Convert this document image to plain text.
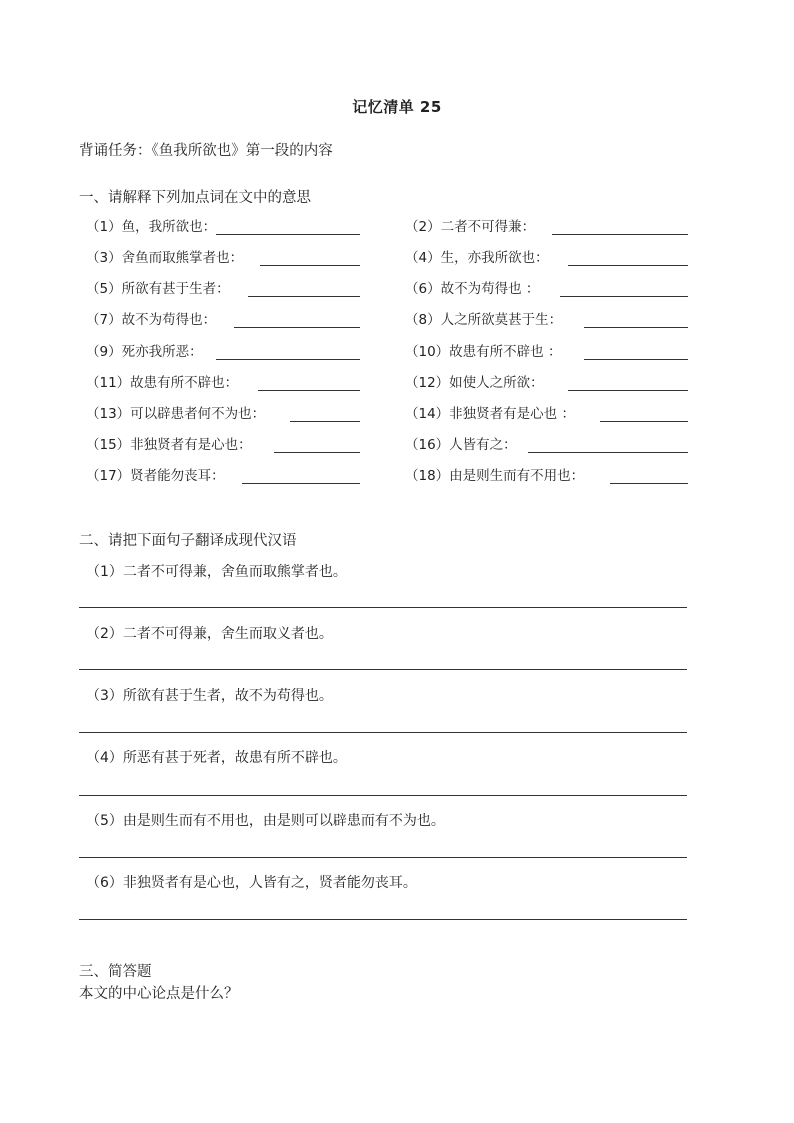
记忆清单 25
背诵任务：《鱼我所欲也》第一段的内容
一、请解释下列加点词在文中的意思
（1）鱼，我所欲也：	（2）二者不可得兼：
（3）舍鱼而取熊掌者也：	（4）生，亦我所欲也：
（5）所欲有甚于生者：	（6）故不为苟得也 ：
（7）故不为苟得也：	（8）人之所欲莫甚于生：
（9）死亦我所恶：	（10）故患有所不辟也 ：
（11）故患有所不辟也：	（12）如使人之所欲：
（13）可以辟患者何不为也：	（14）非独贤者有是心也 ：
（15）非独贤者有是心也：	（16）人皆有之：
（17）贤者能勿丧耳：	（18）由是则生而有不用也：
二、请把下面句子翻译成现代汉语
（1）二者不可得兼，舍鱼而取熊掌者也。
（2）二者不可得兼，舍生而取义者也。
（3）所欲有甚于生者，故不为苟得也。
（4）所恶有甚于死者，故患有所不辟也。
（5）由是则生而有不用也，由是则可以辟患而有不为也。
（6）非独贤者有是心也，人皆有之，贤者能勿丧耳。
三、简答题
本文的中心论点是什么？
